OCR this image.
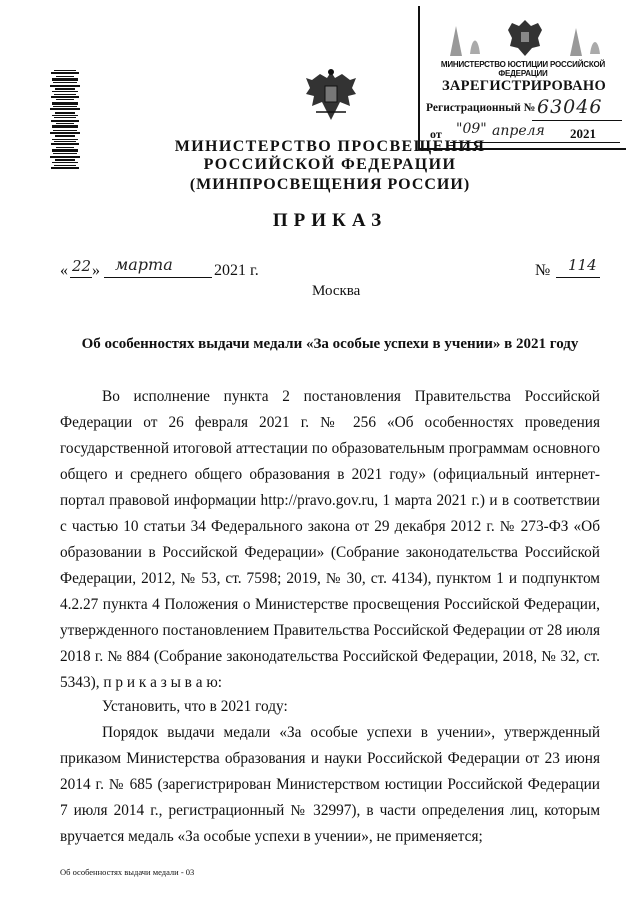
МИНИСТЕРСТВО ЮСТИЦИИ РОССИЙСКОЙ ФЕДЕРАЦИИ
ЗАРЕГИСТРИРОВАНО
Регистрационный № 63046
от "09" апреля 2021
МИНИСТЕРСТВО ПРОСВЕЩЕНИЯ
РОССИЙСКОЙ ФЕДЕРАЦИИ
(МИНПРОСВЕЩЕНИЯ РОССИИ)
ПРИКАЗ
« 22 » марта	2021 г.	№ 114
Москва
Об особенностях выдачи медали «За особые успехи в учении» в 2021 году
Во исполнение пункта 2 постановления Правительства Российской Федерации от 26 февраля 2021 г. № 256 «Об особенностях проведения государственной итоговой аттестации по образовательным программам основного общего и среднего общего образования в 2021 году» (официальный интернет-портал правовой информации http://pravo.gov.ru, 1 марта 2021 г.) и в соответствии с частью 10 статьи 34 Федерального закона от 29 декабря 2012 г. № 273-ФЗ «Об образовании в Российской Федерации» (Собрание законодательства Российской Федерации, 2012, № 53, ст. 7598; 2019, № 30, ст. 4134), пунктом 1 и подпунктом 4.2.27 пункта 4 Положения о Министерстве просвещения Российской Федерации, утвержденного постановлением Правительства Российской Федерации от 28 июля 2018 г. № 884 (Собрание законодательства Российской Федерации, 2018, № 32, ст. 5343), п р и к а з ы в а ю:
Установить, что в 2021 году:
Порядок выдачи медали «За особые успехи в учении», утвержденный приказом Министерства образования и науки Российской Федерации от 23 июня 2014 г. № 685 (зарегистрирован Министерством юстиции Российской Федерации 7 июля 2014 г., регистрационный № 32997), в части определения лиц, которым вручается медаль «За особые успехи в учении», не применяется;
Об особенностях выдачи медали - 03
